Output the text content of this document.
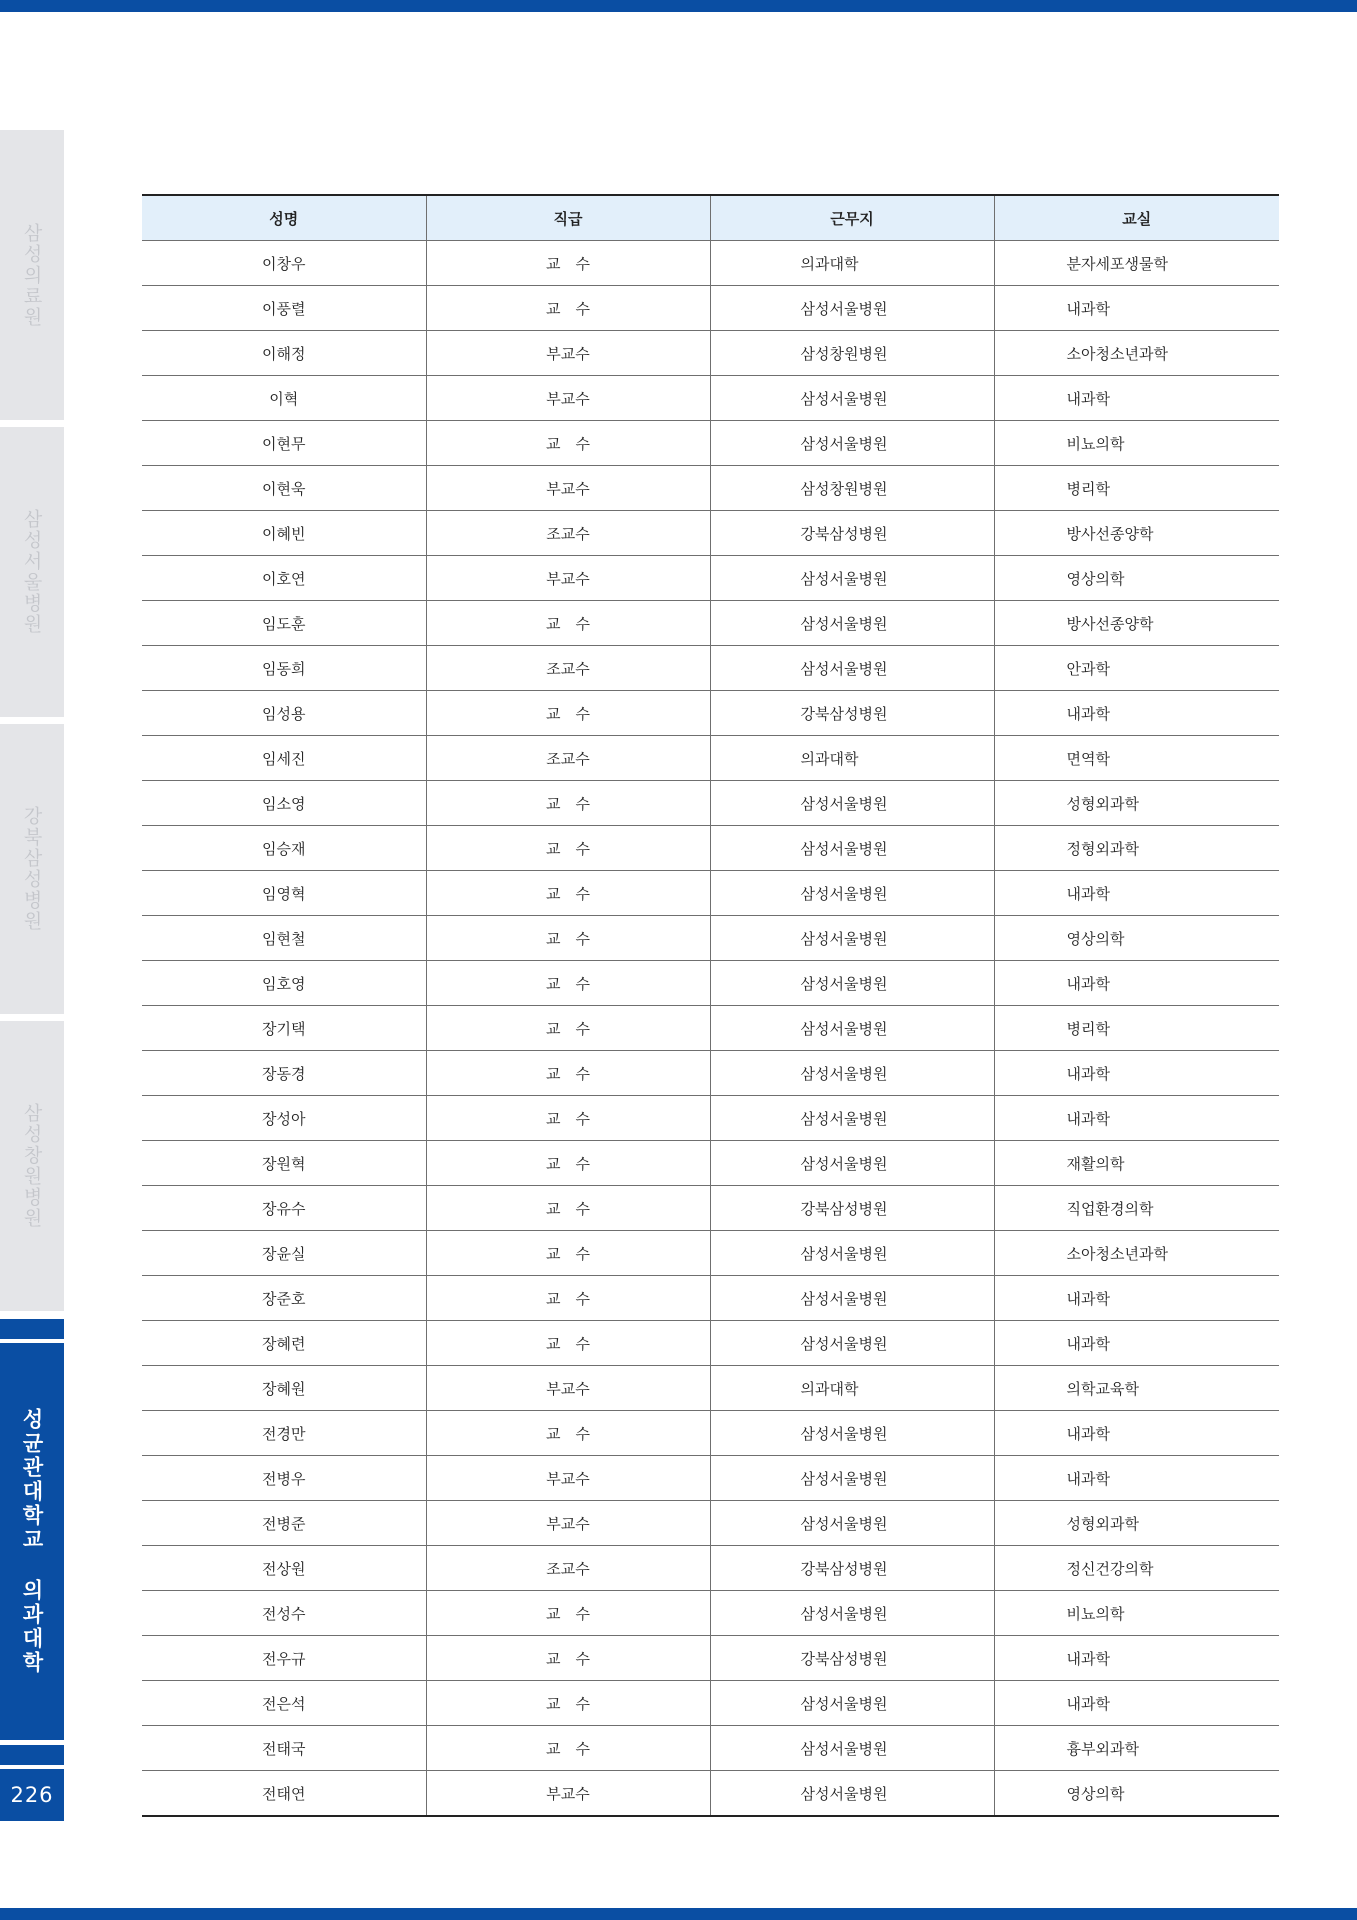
삼성의료원
삼성서울병원
강북삼성병원
삼성창원병원
성균관대학교 의과대학
226
성명	직급	근무지	교실
이창우	교　수	의과대학	분자세포생물학
이풍렬	교　수	삼성서울병원	내과학
이해정	부교수	삼성창원병원	소아청소년과학
이혁	부교수	삼성서울병원	내과학
이현무	교　수	삼성서울병원	비뇨의학
이현욱	부교수	삼성창원병원	병리학
이혜빈	조교수	강북삼성병원	방사선종양학
이호연	부교수	삼성서울병원	영상의학
임도훈	교　수	삼성서울병원	방사선종양학
임동희	조교수	삼성서울병원	안과학
임성용	교　수	강북삼성병원	내과학
임세진	조교수	의과대학	면역학
임소영	교　수	삼성서울병원	성형외과학
임승재	교　수	삼성서울병원	정형외과학
임영혁	교　수	삼성서울병원	내과학
임현철	교　수	삼성서울병원	영상의학
임호영	교　수	삼성서울병원	내과학
장기택	교　수	삼성서울병원	병리학
장동경	교　수	삼성서울병원	내과학
장성아	교　수	삼성서울병원	내과학
장원혁	교　수	삼성서울병원	재활의학
장유수	교　수	강북삼성병원	직업환경의학
장윤실	교　수	삼성서울병원	소아청소년과학
장준호	교　수	삼성서울병원	내과학
장혜련	교　수	삼성서울병원	내과학
장혜원	부교수	의과대학	의학교육학
전경만	교　수	삼성서울병원	내과학
전병우	부교수	삼성서울병원	내과학
전병준	부교수	삼성서울병원	성형외과학
전상원	조교수	강북삼성병원	정신건강의학
전성수	교　수	삼성서울병원	비뇨의학
전우규	교　수	강북삼성병원	내과학
전은석	교　수	삼성서울병원	내과학
전태국	교　수	삼성서울병원	흉부외과학
전태연	부교수	삼성서울병원	영상의학
